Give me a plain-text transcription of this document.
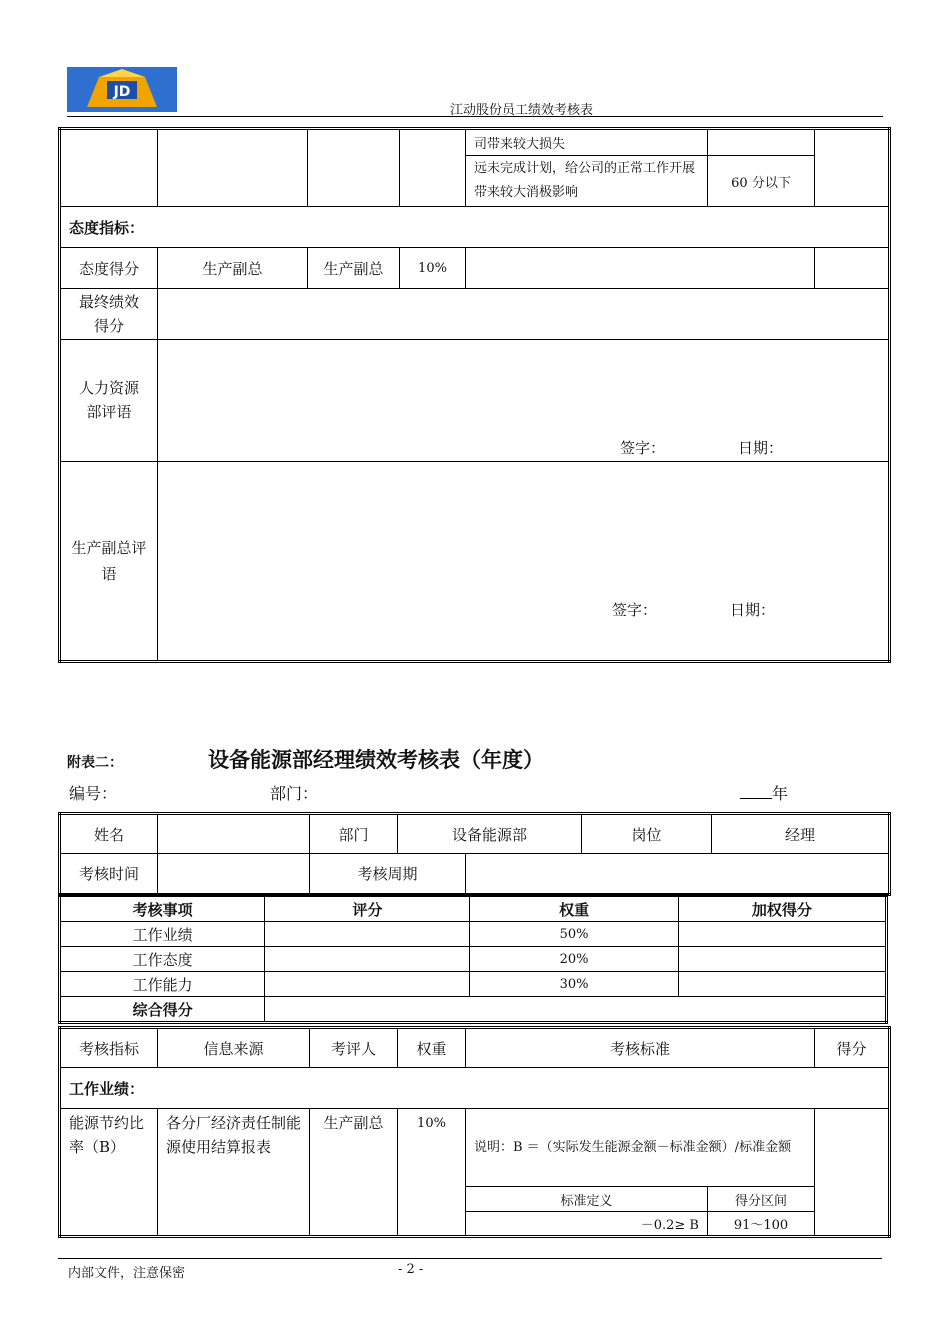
JD
江动股份员工绩效考核表

				司带来较大损失		

				远未完成计划，给公司的正常工作开展带来较大消极影响	60 分以下	

态度指标：						

态度得分	生产副总	生产副总	10%			

最终绩效得分						

人力资源部评语	签字： 日期：					

生产副总评语	签字： 日期：					
附表二：	设备能源部经理绩效考核表（年度）
编号：	部门：	年
姓名		部门	设备能源部		岗位	经理
考核时间		考核周期				
考核事项	评分	权重	加权得分
工作业绩		50%	
工作态度		20%	
工作能力		30%	
综合得分			
考核指标	信息来源	考评人	权重	考核标准		得分

工作业绩：						

能源节约比率（B）	各分厂经济责任制能源使用结算报表	生产副总	10%	说明：B ＝（实际发生能源金额－标准金额）/标准金额		

				标准定义	得分区间	
				－0.2≥ B	91～100	
内部文件，注意保密	- 2 -
